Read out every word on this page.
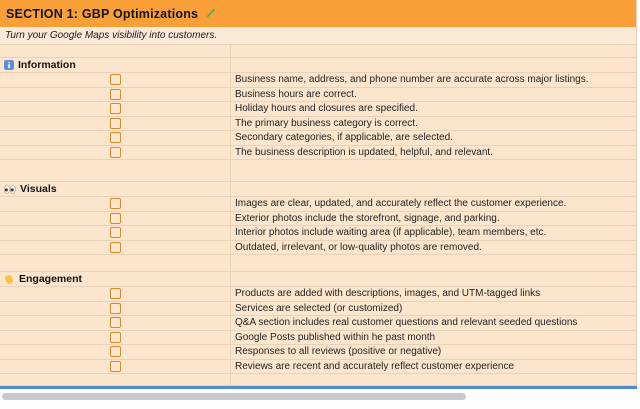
SECTION 1: GBP Optimizations
Turn your Google Maps visibility into customers.
Information
Business name, address, and phone number are accurate across major listings.
Business hours are correct.
Holiday hours and closures are specified.
The primary business category is correct.
Secondary categories, if applicable, are selected.
The business description is updated, helpful, and relevant.
Visuals
Images are clear, updated, and accurately reflect the customer experience.
Exterior photos include the storefront, signage, and parking.
Interior photos include waiting area (if applicable), team members, etc.
Outdated, irrelevant, or low-quality photos are removed.
Engagement
Products are added with descriptions, images, and UTM-tagged links
Services are selected (or customized)
Q&A section includes real customer questions and relevant seeded questions
Google Posts published within he past month
Responses to all reviews (positive or negative)
Reviews are recent and accurately reflect customer experience
